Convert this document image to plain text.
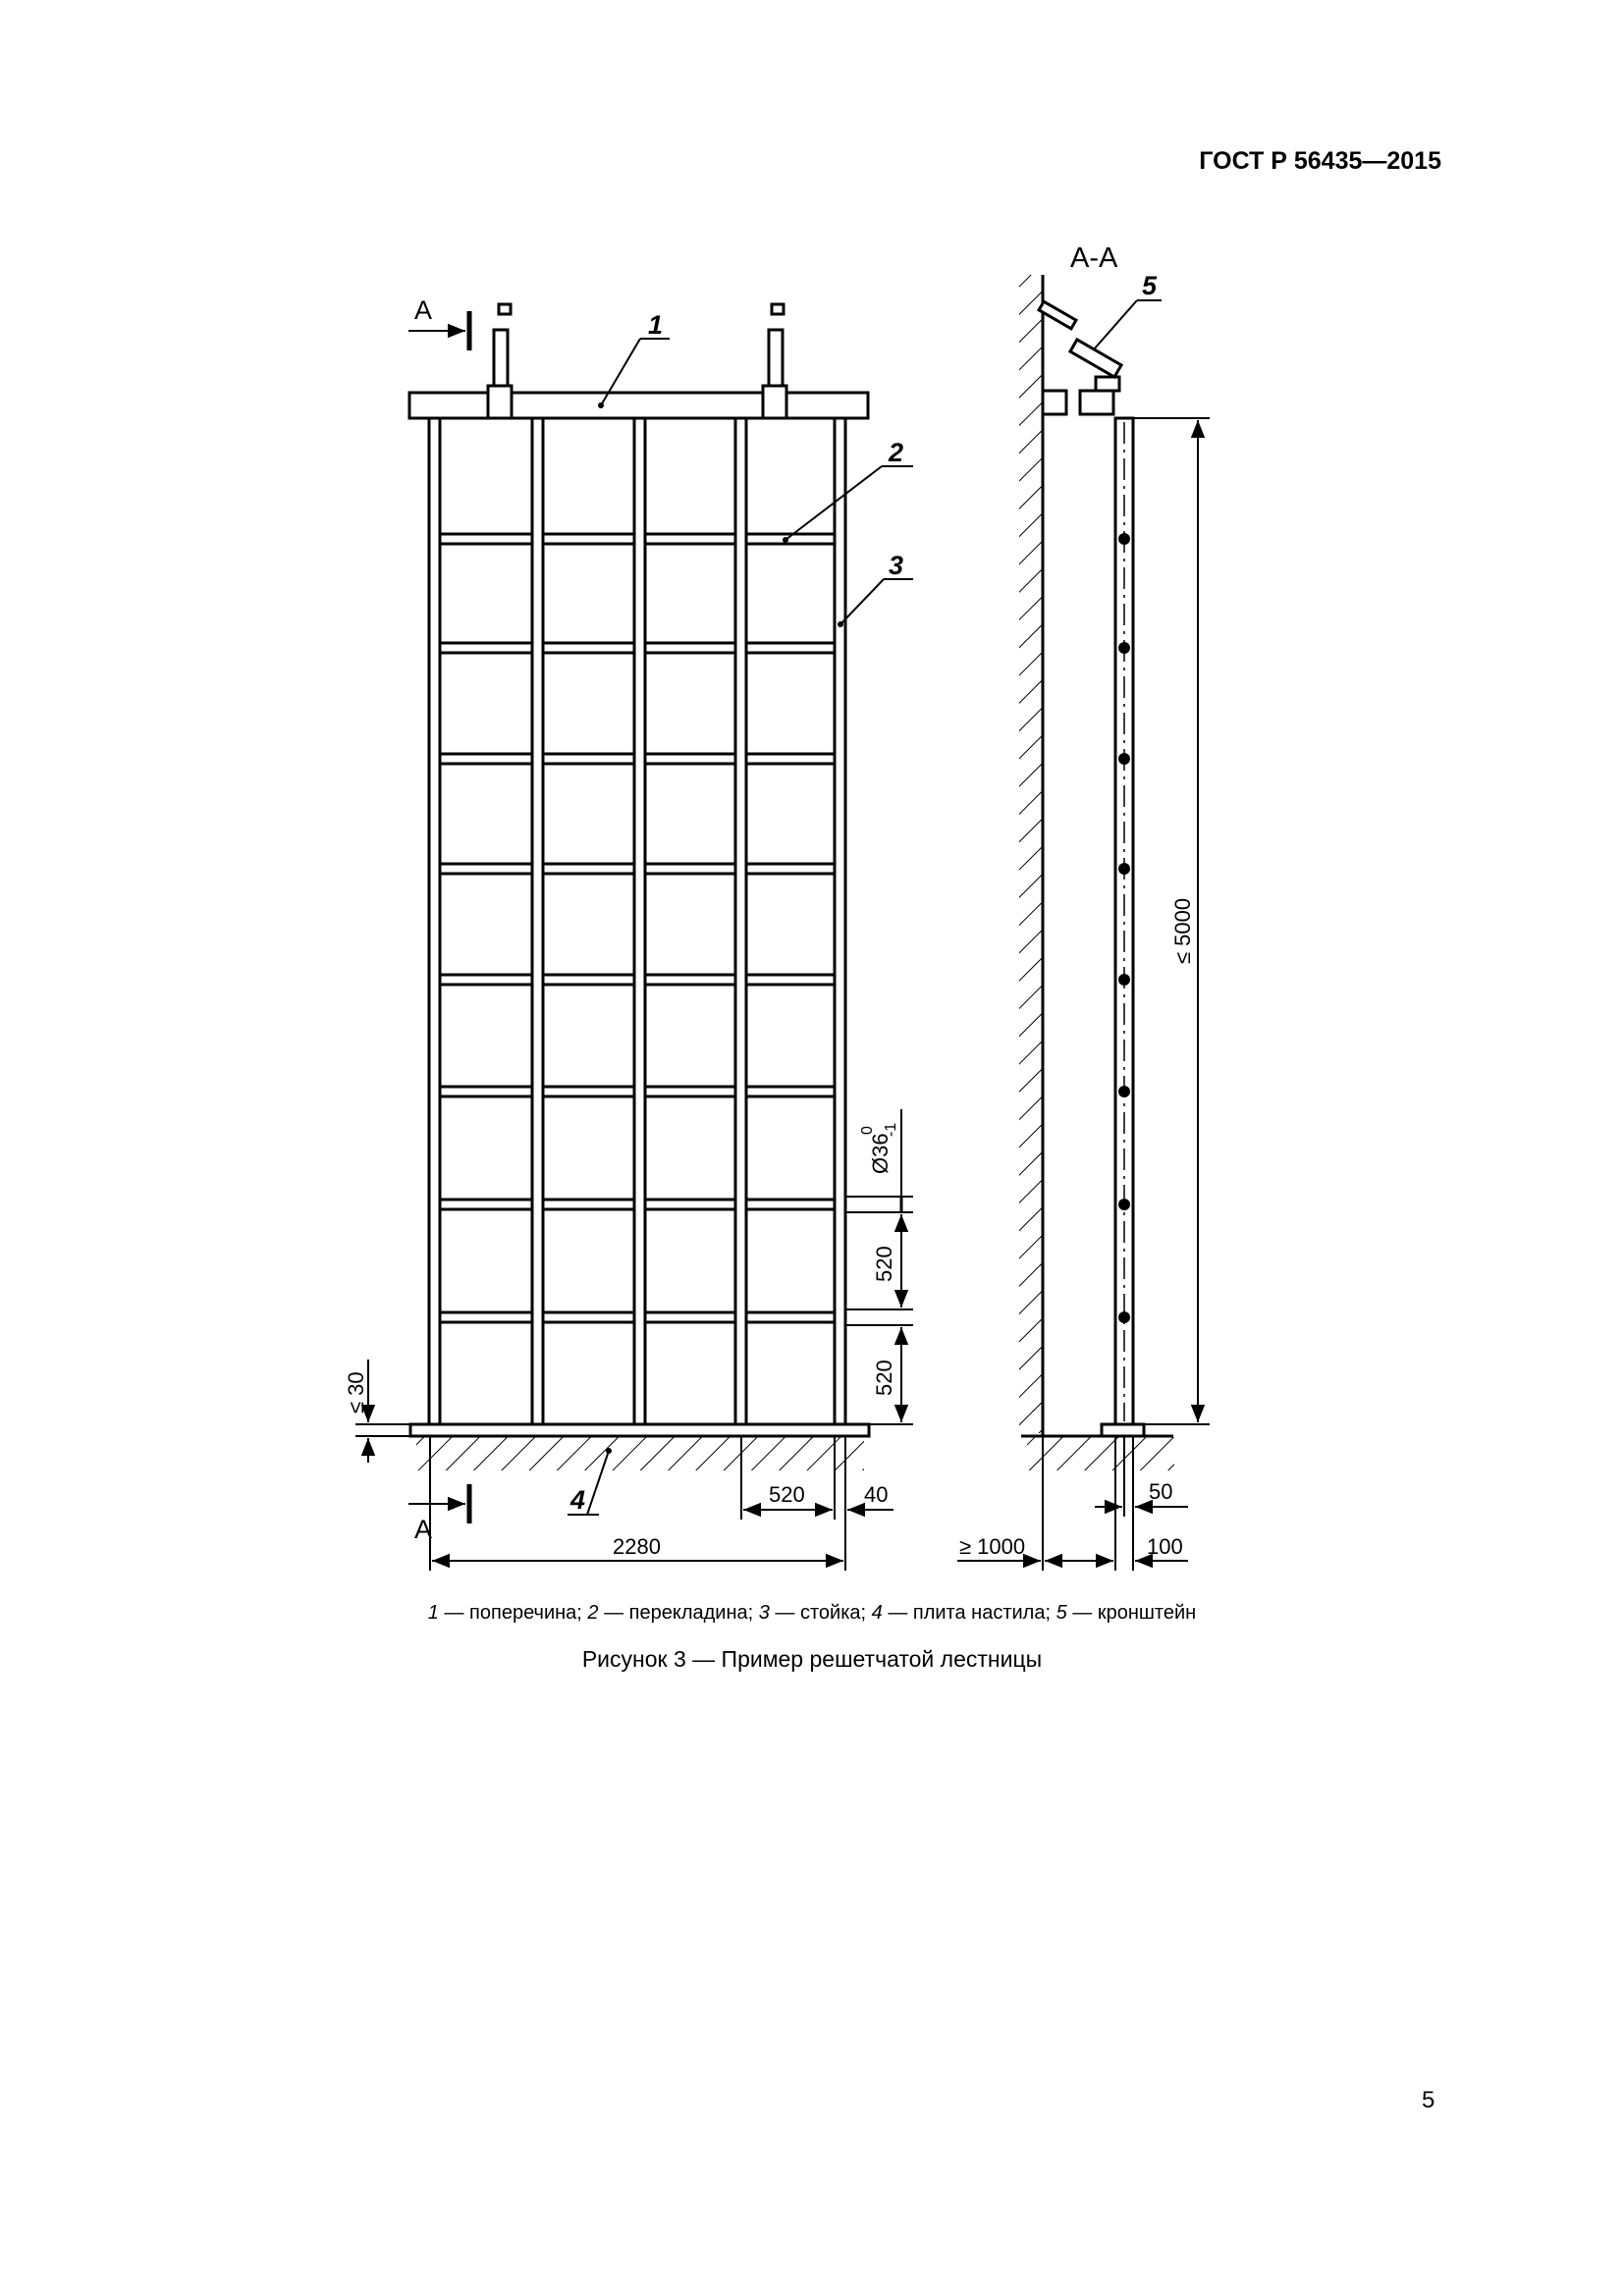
ГОСТ Р 56435—2015
А
А
1
2
3
4
Ø36
0 -1
520
520
≤ 30
520	40
2280
А-А
5
≤ 5000
50
≥ 1000	100
1 — поперечина; 2 — перекладина; 3 — стойка; 4 — плита настила; 5 — кронштейн
Рисунок 3 — Пример решетчатой лестницы
5
